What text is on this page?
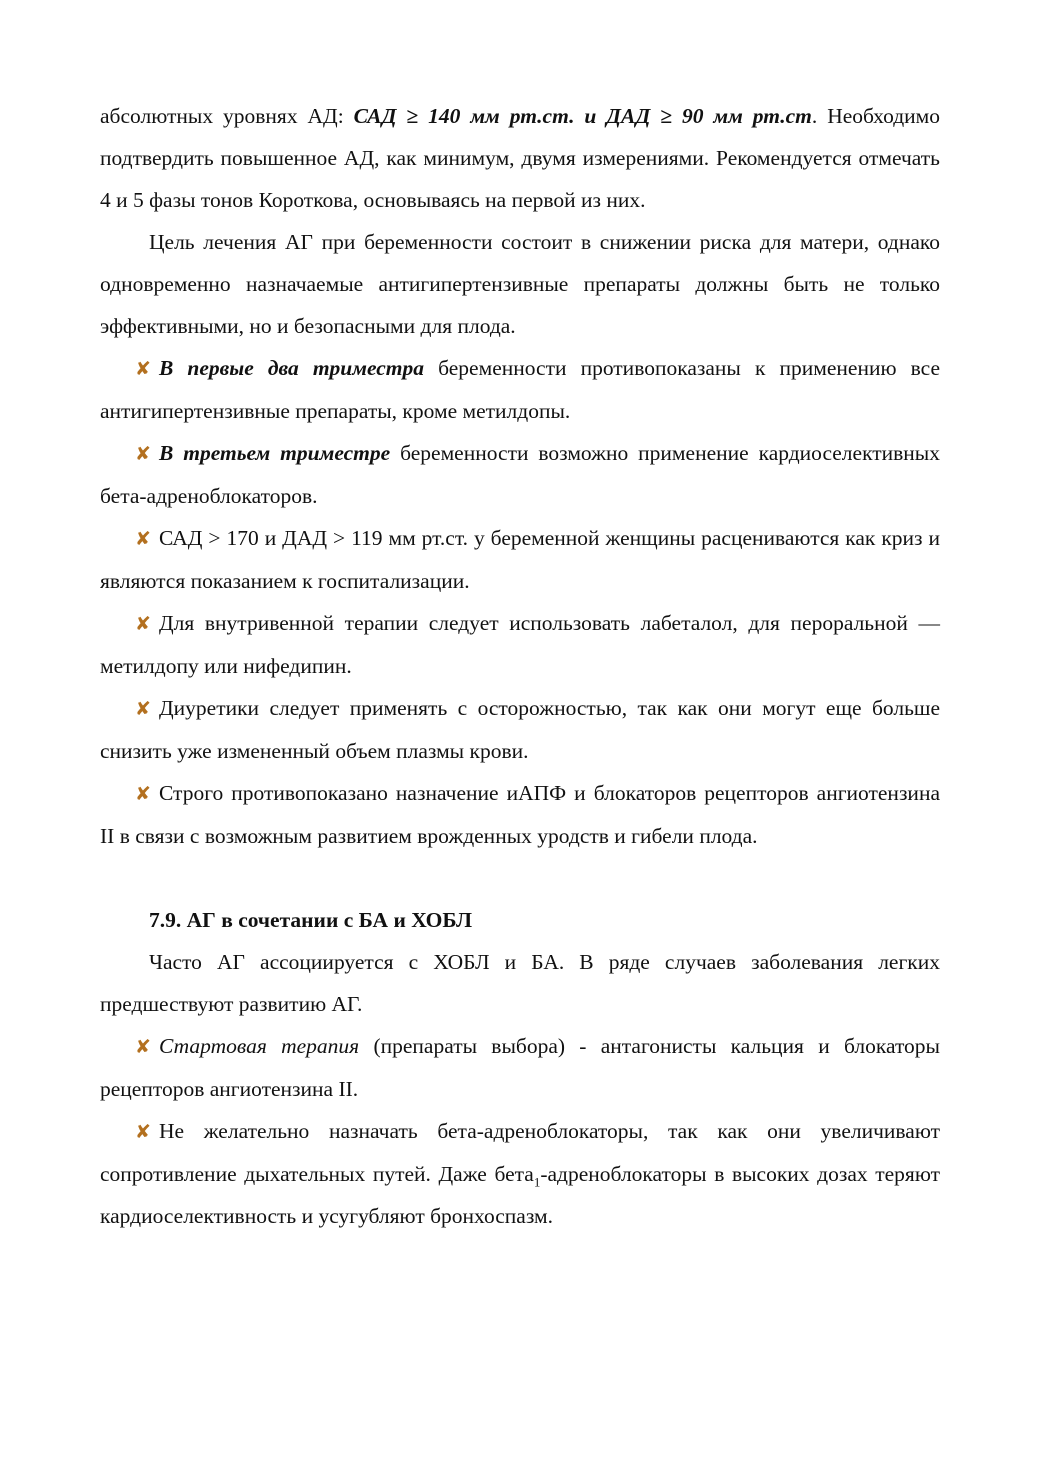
абсолютных уровнях АД: САД ≥ 140 мм рт.ст. и ДАД ≥ 90 мм рт.ст. Необходимо подтвердить повышенное АД, как минимум, двумя измерениями. Рекомендуется отмечать 4 и 5 фазы тонов Короткова, основываясь на первой из них.

Цель лечения АГ при беременности состоит в снижении риска для матери, однако одновременно назначаемые антигипертензивные препараты должны быть не только эффективными, но и безопасными для плода.

✘ В первые два триместра беременности противопоказаны к применению все антигипертензивные препараты, кроме метилдопы.

✘ В третьем триместре беременности возможно применение кардиоселективных бета-адреноблокаторов.

✘ САД > 170 и ДАД > 119 мм рт.ст. у беременной женщины расцениваются как криз и являются показанием к госпитализации.

✘ Для внутривенной терапии следует использовать лабеталол, для пероральной — метилдопу или нифедипин.

✘ Диуретики следует применять с осторожностью, так как они могут еще больше снизить уже измененный объем плазмы крови.

✘ Строго противопоказано назначение иАПФ и блокаторов рецепторов ангиотензина II в связи с возможным развитием врожденных уродств и гибели плода.

7.9. АГ в сочетании с БА и ХОБЛ

Часто АГ ассоциируется с ХОБЛ и БА. В ряде случаев заболевания легких предшествуют развитию АГ.

✘ Стартовая терапия (препараты выбора) - антагонисты кальция и блокаторы рецепторов ангиотензина II.

✘ Не желательно назначать бета-адреноблокаторы, так как они увеличивают сопротивление дыхательных путей. Даже бета$_1$-адреноблокаторы в высоких дозах теряют кардиоселективность и усугубляют бронхоспазм.
